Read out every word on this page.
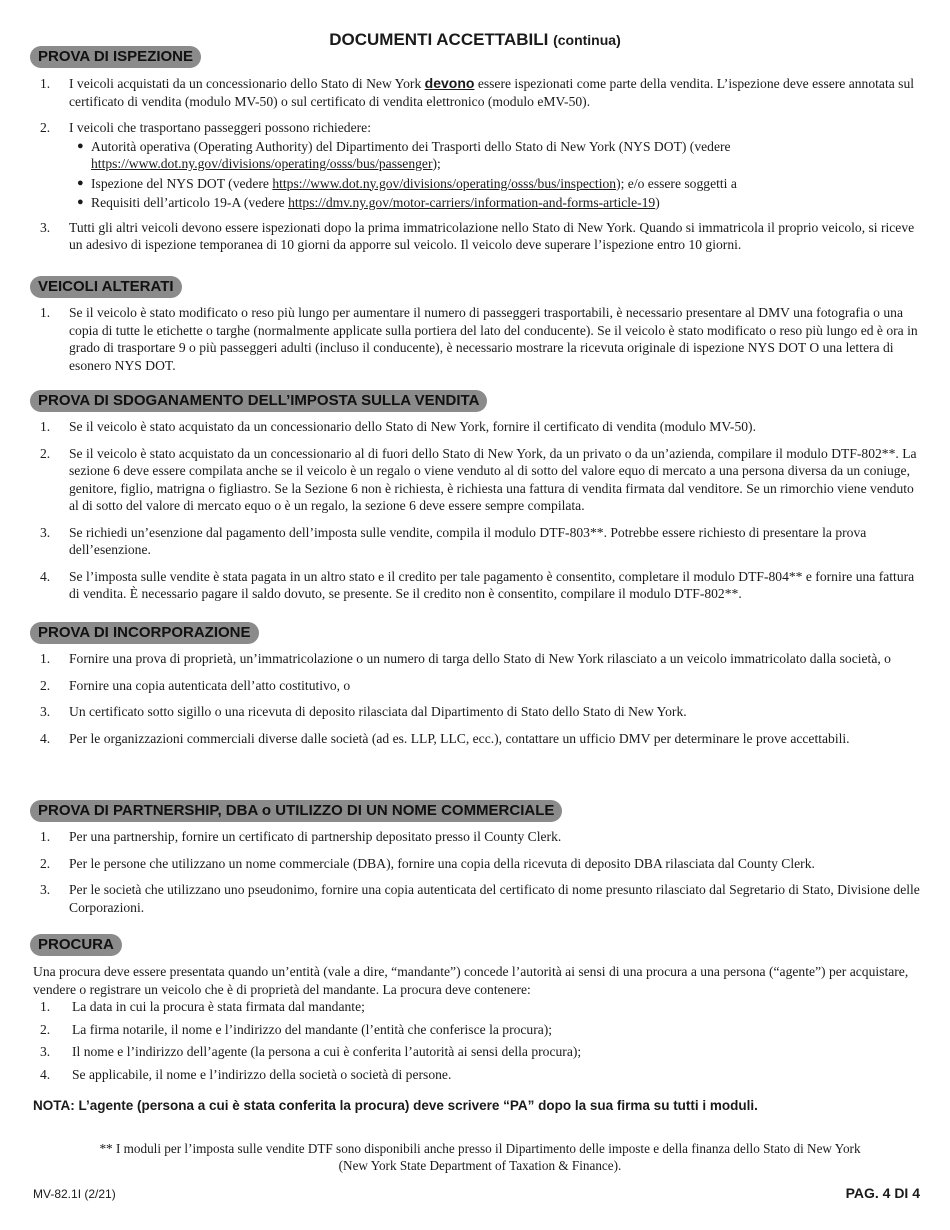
DOCUMENTI ACCETTABILI (continua)
PROVA DI ISPEZIONE
1. I veicoli acquistati da un concessionario dello Stato di New York devono essere ispezionati come parte della vendita. L’ispezione deve essere annotata sul certificato di vendita (modulo MV-50) o sul certificato di vendita elettronico (modulo eMV-50).
2. I veicoli che trasportano passeggeri possono richiedere:
● Autorità operativa (Operating Authority) del Dipartimento dei Trasporti dello Stato di New York (NYS DOT) (vedere https://www.dot.ny.gov/divisions/operating/osss/bus/passenger);
● Ispezione del NYS DOT (vedere https://www.dot.ny.gov/divisions/operating/osss/bus/inspection); e/o essere soggetti a
● Requisiti dell’articolo 19-A (vedere https://dmv.ny.gov/motor-carriers/information-and-forms-article-19)
3. Tutti gli altri veicoli devono essere ispezionati dopo la prima immatricolazione nello Stato di New York. Quando si immatricola il proprio veicolo, si riceve un adesivo di ispezione temporanea di 10 giorni da apporre sul veicolo. Il veicolo deve superare l’ispezione entro 10 giorni.
VEICOLI ALTERATI
1. Se il veicolo è stato modificato o reso più lungo per aumentare il numero di passeggeri trasportabili, è necessario presentare al DMV una fotografia o una copia di tutte le etichette o targhe (normalmente applicate sulla portiera del lato del conducente). Se il veicolo è stato modificato o reso più lungo ed è ora in grado di trasportare 9 o più passeggeri adulti (incluso il conducente), è necessario mostrare la ricevuta originale di ispezione NYS DOT O una lettera di esonero NYS DOT.
PROVA DI SDOGANAMENTO DELL’IMPOSTA SULLA VENDITA
1. Se il veicolo è stato acquistato da un concessionario dello Stato di New York, fornire il certificato di vendita (modulo MV-50).
2. Se il veicolo è stato acquistato da un concessionario al di fuori dello Stato di New York, da un privato o da un’azienda, compilare il modulo DTF-802**. La sezione 6 deve essere compilata anche se il veicolo è un regalo o viene venduto al di sotto del valore equo di mercato a una persona diversa da un coniuge, genitore, figlio, matrigna o figliastro. Se la Sezione 6 non è richiesta, è richiesta una fattura di vendita firmata dal venditore. Se un rimorchio viene venduto al di sotto del valore di mercato equo o è un regalo, la sezione 6 deve essere sempre compilata.
3. Se richiedi un’esenzione dal pagamento dell’imposta sulle vendite, compila il modulo DTF-803**. Potrebbe essere richiesto di presentare la prova dell’esenzione.
4. Se l’imposta sulle vendite è stata pagata in un altro stato e il credito per tale pagamento è consentito, completare il modulo DTF-804** e fornire una fattura di vendita. È necessario pagare il saldo dovuto, se presente. Se il credito non è consentito, compilare il modulo DTF-802**.
PROVA DI INCORPORAZIONE
1. Fornire una prova di proprietà, un’immatricolazione o un numero di targa dello Stato di New York rilasciato a un veicolo immatricolato dalla società, o
2. Fornire una copia autenticata dell’atto costitutivo, o
3. Un certificato sotto sigillo o una ricevuta di deposito rilasciata dal Dipartimento di Stato dello Stato di New York.
4. Per le organizzazioni commerciali diverse dalle società (ad es. LLP, LLC, ecc.), contattare un ufficio DMV per determinare le prove accettabili.
PROVA DI PARTNERSHIP, DBA o UTILIZZO DI UN NOME COMMERCIALE
1. Per una partnership, fornire un certificato di partnership depositato presso il County Clerk.
2. Per le persone che utilizzano un nome commerciale (DBA), fornire una copia della ricevuta di deposito DBA rilasciata dal County Clerk.
3. Per le società che utilizzano uno pseudonimo, fornire una copia autenticata del certificato di nome presunto rilasciato dal Segretario di Stato, Divisione delle Corporazioni.
PROCURA
Una procura deve essere presentata quando un’entità (vale a dire, “mandante”) concede l’autorità ai sensi di una procura a una persona (“agente”) per acquistare, vendere o registrare un veicolo che è di proprietà del mandante. La procura deve contenere:
1. La data in cui la procura è stata firmata dal mandante;
2. La firma notarile, il nome e l’indirizzo del mandante (l’entità che conferisce la procura);
3. Il nome e l’indirizzo dell’agente (la persona a cui è conferita l’autorità ai sensi della procura);
4. Se applicabile, il nome e l’indirizzo della società o società di persone.
NOTA: L’agente (persona a cui è stata conferita la procura) deve scrivere “PA” dopo la sua firma su tutti i moduli.
** I moduli per l’imposta sulle vendite DTF sono disponibili anche presso il Dipartimento delle imposte e della finanza dello Stato di New York
(New York State Department of Taxation & Finance).
MV-82.1I (2/21)	PAG. 4 DI 4
